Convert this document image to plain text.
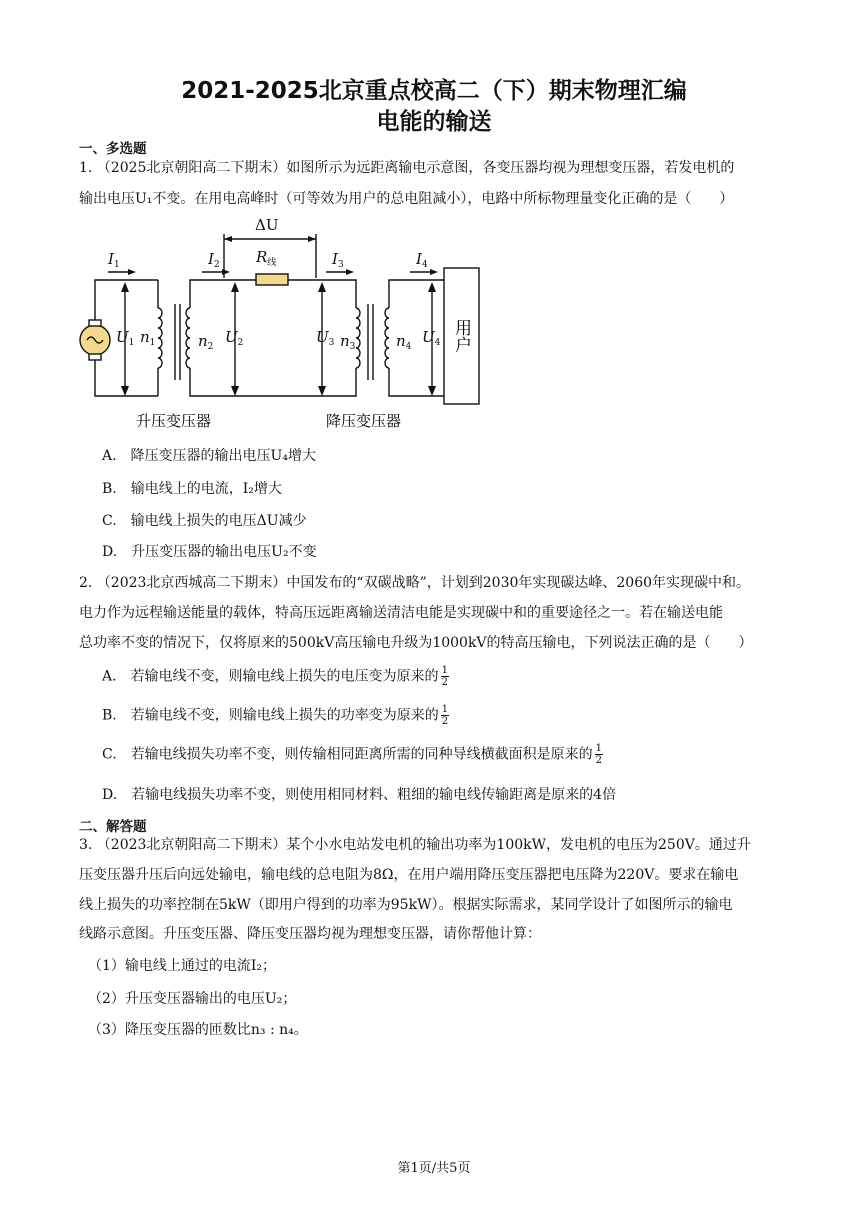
2021-2025北京重点校高二（下）期末物理汇编
电能的输送
一、多选题
1. （2025北京朝阳高二下期末）如图所示为远距离输电示意图，各变压器均视为理想变压器，若发电机的
输出电压U₁不变。在用电高峰时（可等效为用户的总电阻减小），电路中所标物理量变化正确的是（　　）
ΔU
$R_线$
$I_1$	$I_2$	$I_3$	$I_4$
$U_1$ $n_1$	$n_2$
$U_2$	$U_3$ $n_3$	$n_4$
$U_4$ 用户
升压变压器	降压变压器
A.　降压变压器的输出电压U₄增大
B.　输电线上的电流，I₂增大
C.　输电线上损失的电压ΔU减少
D.　升压变压器的输出电压U₂不变
2. （2023北京西城高二下期末）中国发布的“双碳战略”，计划到2030年实现碳达峰、2060年实现碳中和。
电力作为远程输送能量的载体，特高压远距离输送清洁电能是实现碳中和的重要途径之一。若在输送电能
总功率不变的情况下，仅将原来的500kV高压输电升级为1000kV的特高压输电，下列说法正确的是（　　）
A.　若输电线不变，则输电线上损失的电压变为原来的 $\frac{1}{2}$
B.　若输电线不变，则输电线上损失的功率变为原来的 $\frac{1}{2}$
C.　若输电线损失功率不变，则传输相同距离所需的同种导线横截面积是原来的 $\frac{1}{2}$
D.　若输电线损失功率不变，则使用相同材料、粗细的输电线传输距离是原来的4倍
二、解答题
3. （2023北京朝阳高二下期末）某个小水电站发电机的输出功率为100kW，发电机的电压为250V。通过升
压变压器升压后向远处输电，输电线的总电阻为8Ω，在用户端用降压变压器把电压降为220V。要求在输电
线上损失的功率控制在5kW（即用户得到的功率为95kW）。根据实际需求，某同学设计了如图所示的输电
线路示意图。升压变压器、降压变压器均视为理想变压器，请你帮他计算：
（1）输电线上通过的电流I₂；
（2）升压变压器输出的电压U₂；
（3）降压变压器的匝数比n₃ : n₄。
第1页/共5页
